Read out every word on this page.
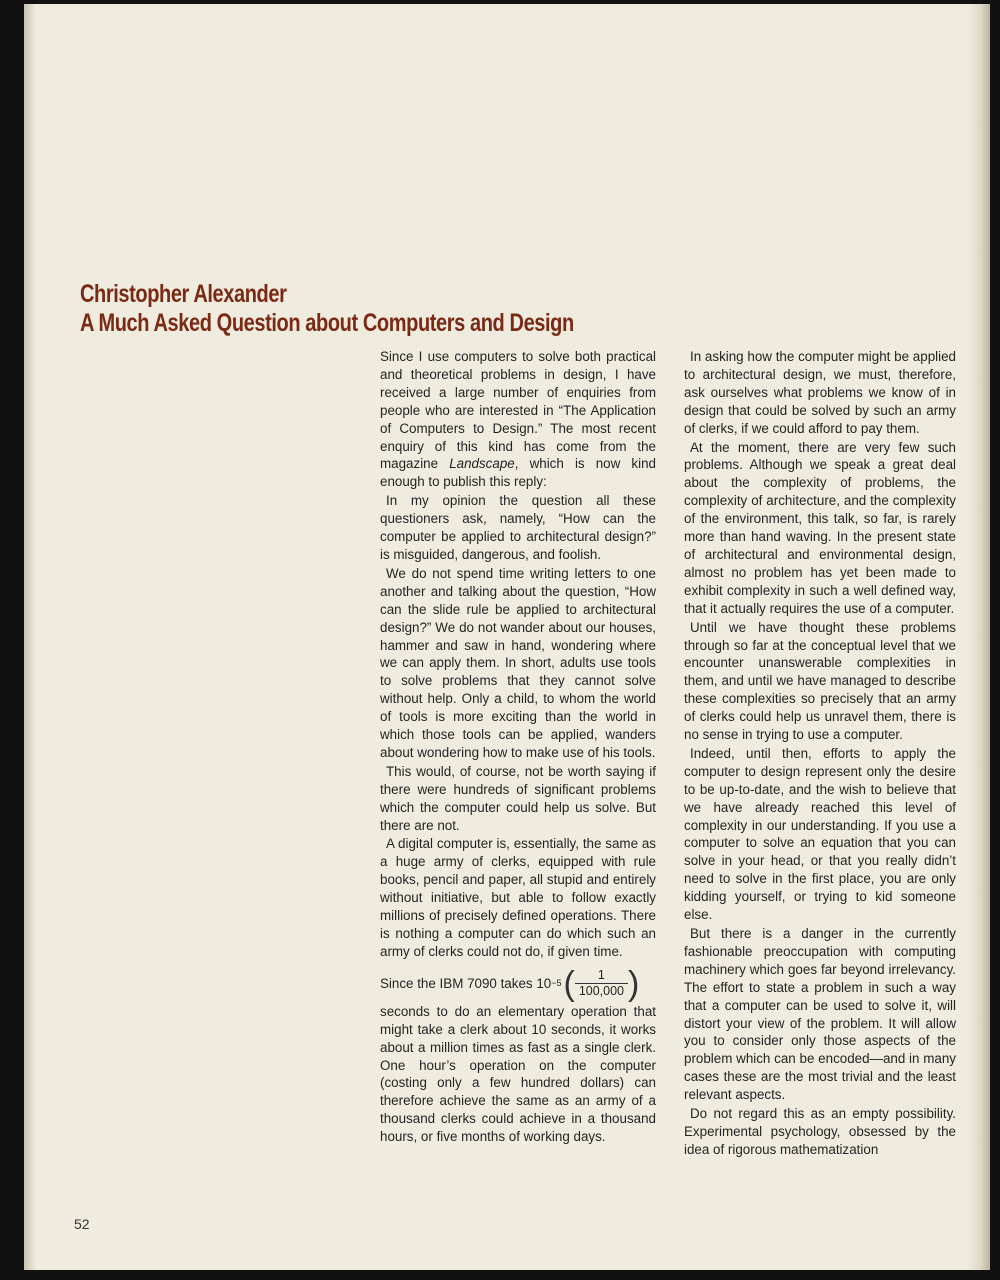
Christopher Alexander
A Much Asked Question about Computers and Design

Since I use computers to solve both practical and theoretical problems in design, I have received a large number of enquiries from people who are interested in “The Application of Computers to Design.” The most recent enquiry of this kind has come from the magazine Landscape, which is now kind enough to publish this reply:

In my opinion the question all these questioners ask, namely, “How can the computer be applied to architectural design?” is misguided, dangerous, and foolish.

We do not spend time writing letters to one another and talking about the question, “How can the slide rule be applied to architectural design?” We do not wander about our houses, hammer and saw in hand, wondering where we can apply them. In short, adults use tools to solve problems that they cannot solve without help. Only a child, to whom the world of tools is more exciting than the world in which those tools can be applied, wanders about wondering how to make use of his tools.

This would, of course, not be worth saying if there were hundreds of significant problems which the computer could help us solve. But there are not.

A digital computer is, essentially, the same as a huge army of clerks, equipped with rule books, pencil and paper, all stupid and entirely without initiative, but able to follow exactly millions of precisely defined operations. There is nothing a computer can do which such an army of clerks could not do, if given time.

Since the IBM 7090 takes 10 −5 ( $\frac{1}{100,000}$ )

seconds to do an elementary operation that might take a clerk about 10 seconds, it works about a million times as fast as a single clerk. One hour’s operation on the computer (costing only a few hundred dollars) can therefore achieve the same as an army of a thousand clerks could achieve in a thousand hours, or five months of working days.

In asking how the computer might be applied to architectural design, we must, therefore, ask ourselves what problems we know of in design that could be solved by such an army of clerks, if we could afford to pay them.

At the moment, there are very few such problems. Although we speak a great deal about the complexity of problems, the complexity of architecture, and the complexity of the environment, this talk, so far, is rarely more than hand waving. In the present state of architectural and environmental design, almost no problem has yet been made to exhibit complexity in such a well defined way, that it actually requires the use of a computer.

Until we have thought these problems through so far at the conceptual level that we encounter unanswerable complexities in them, and until we have managed to describe these complexities so precisely that an army of clerks could help us unravel them, there is no sense in trying to use a computer.

Indeed, until then, efforts to apply the computer to design represent only the desire to be up-to-date, and the wish to believe that we have already reached this level of complexity in our understanding. If you use a computer to solve an equation that you can solve in your head, or that you really didn’t need to solve in the first place, you are only kidding yourself, or trying to kid someone else.

But there is a danger in the currently fashionable preoccupation with computing machinery which goes far beyond irrelevancy. The effort to state a problem in such a way that a computer can be used to solve it, will distort your view of the problem. It will allow you to consider only those aspects of the problem which can be encoded—and in many cases these are the most trivial and the least relevant aspects.

Do not regard this as an empty possibility. Experimental psychology, obsessed by the idea of rigorous mathematization

52
